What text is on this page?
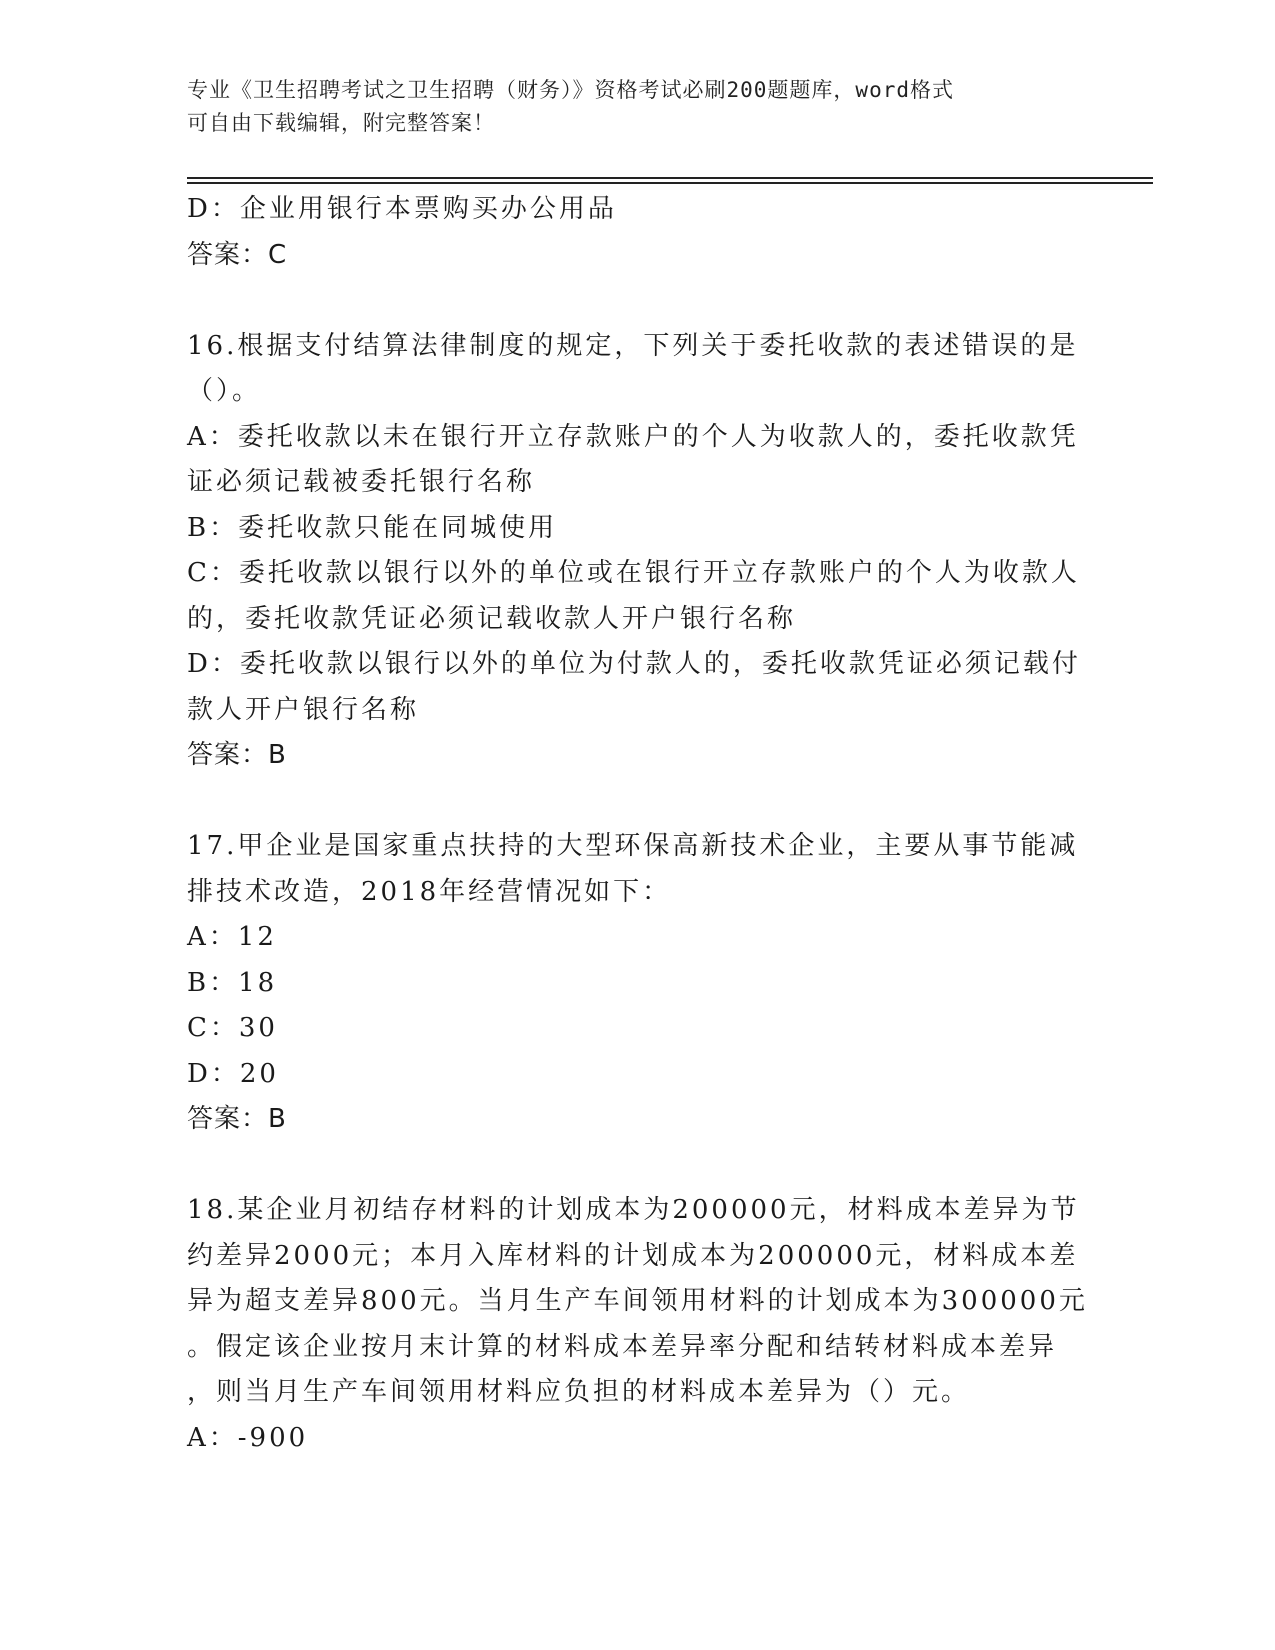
专业《卫生招聘考试之卫生招聘（财务）》资格考试必刷200题题库，word格式
可自由下载编辑，附完整答案！
D：企业用银行本票购买办公用品
答案：C
16.根据支付结算法律制度的规定，下列关于委托收款的表述错误的是
（）。
A：委托收款以未在银行开立存款账户的个人为收款人的，委托收款凭
证必须记载被委托银行名称
B：委托收款只能在同城使用
C：委托收款以银行以外的单位或在银行开立存款账户的个人为收款人
的，委托收款凭证必须记载收款人开户银行名称
D：委托收款以银行以外的单位为付款人的，委托收款凭证必须记载付
款人开户银行名称
答案：B
17.甲企业是国家重点扶持的大型环保高新技术企业，主要从事节能减
排技术改造，2018年经营情况如下：
A：12
B：18
C：30
D：20
答案：B
18.某企业月初结存材料的计划成本为200000元，材料成本差异为节
约差异2000元；本月入库材料的计划成本为200000元，材料成本差
异为超支差异800元。当月生产车间领用材料的计划成本为300000元
。假定该企业按月末计算的材料成本差异率分配和结转材料成本差异
，则当月生产车间领用材料应负担的材料成本差异为（）元。
A：-900
